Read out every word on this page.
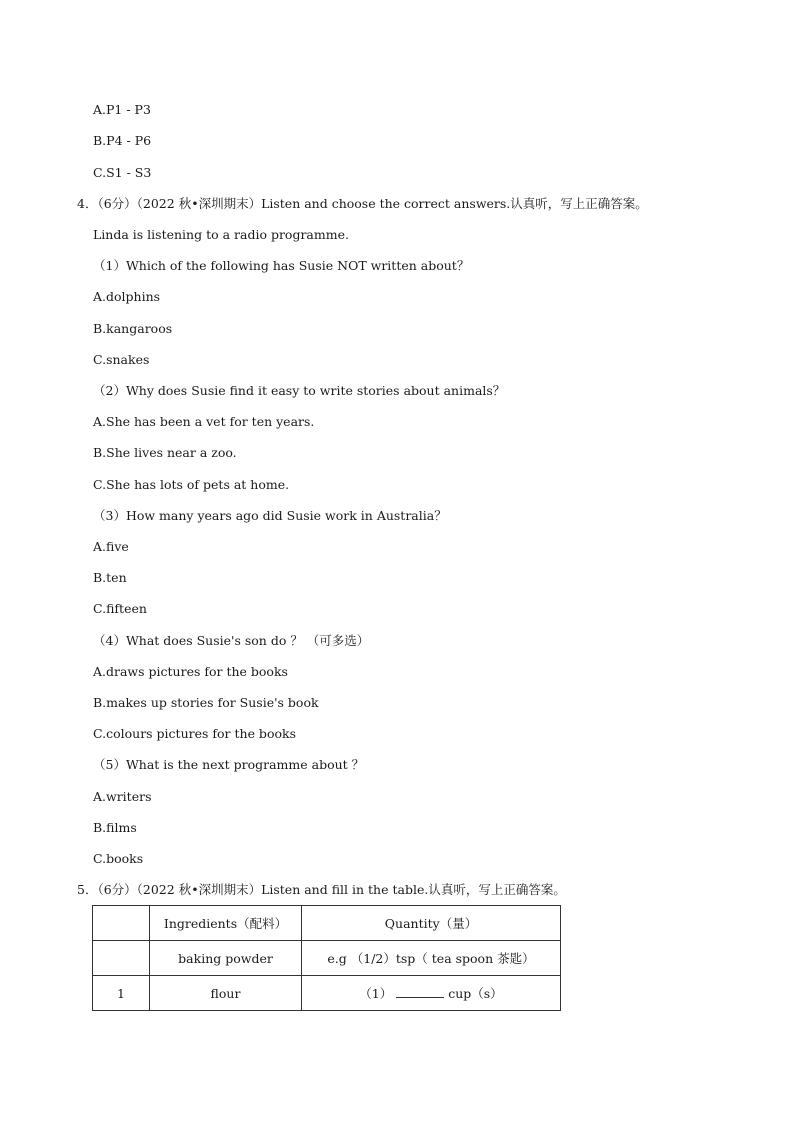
A.P1 - P3

B.P4 - P6

C.S1 - S3

4．（6分）（2022 秋•深圳期末）Listen and choose the correct answers.认真听，写上正确答案。

Linda is listening to a radio programme.

（1）Which of the following has Susie NOT written about？

A.dolphins

B.kangaroos

C.snakes

（2）Why does Susie find it easy to write stories about animals？

A.She has been a vet for ten years.

B.She lives near a zoo.

C.She has lots of pets at home.

（3）How many years ago did Susie work in Australia？

A.five

B.ten

C.fifteen

（4）What does Susie's son do ？ （可多选）

A.draws pictures for the books

B.makes up stories for Susie's book

C.colours pictures for the books

（5）What is the next programme about ？

A.writers

B.films

C.books

5．（6分）（2022 秋•深圳期末）Listen and fill in the table.认真听，写上正确答案。

	Ingredients（配料）	Quantity（量）
	baking powder	e.g （1/2）tsp（ tea spoon 茶匙）
1	flour	（1） cup（s）
